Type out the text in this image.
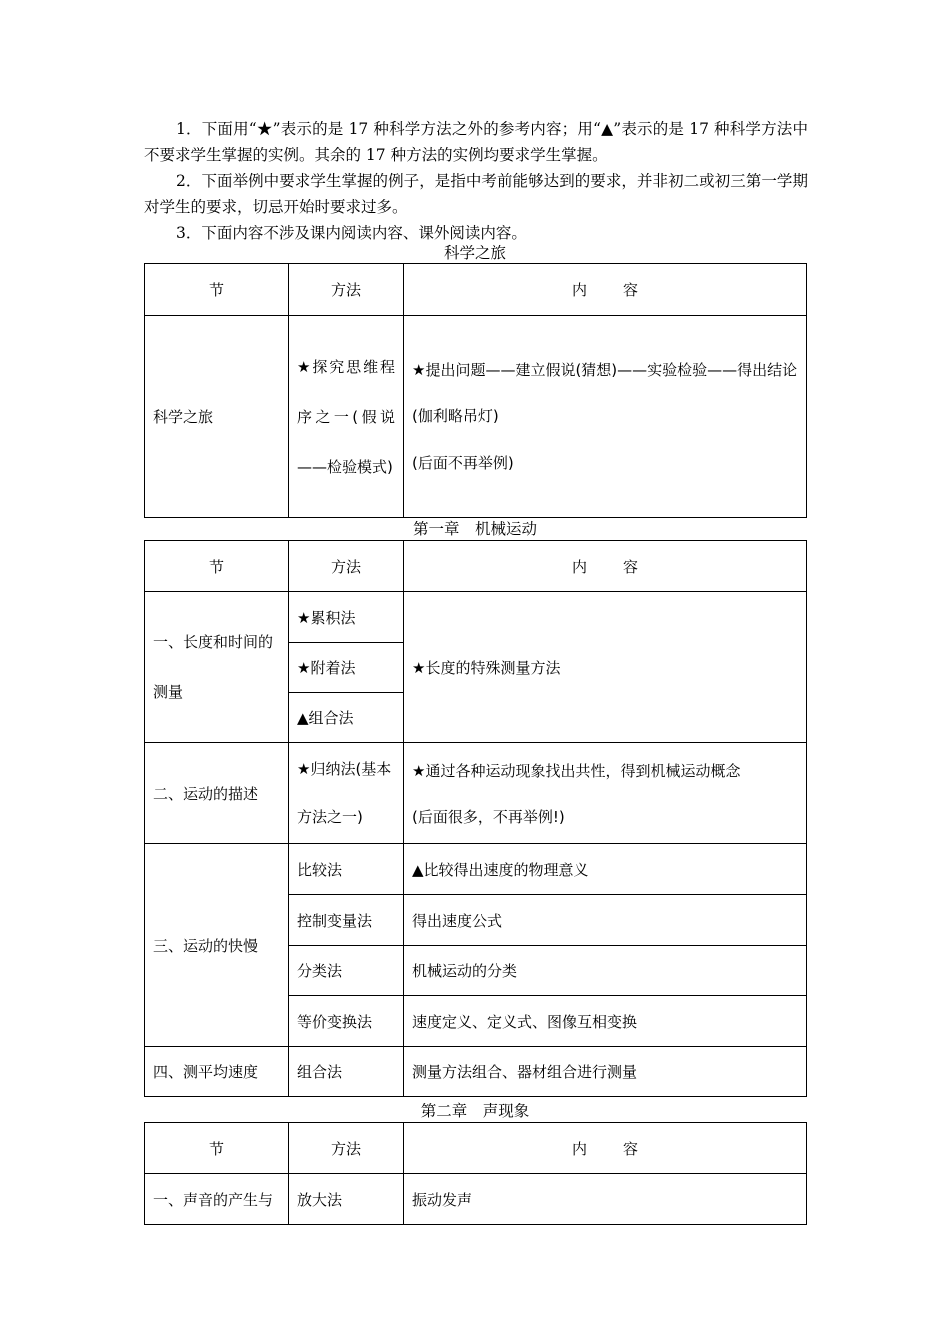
1．下面用“★”表示的是 17 种科学方法之外的参考内容；用“▲”表示的是 17 种科学方法中不要求学生掌握的实例。其余的 17 种方法的实例均要求学生掌握。

2．下面举例中要求学生掌握的例子，是指中考前能够达到的要求，并非初二或初三第一学期对学生的要求，切忌开始时要求过多。

3．下面内容不涉及课内阅读内容、课外阅读内容。

科学之旅
节	方法	内 容
科学之旅	★探究思维程序之一(假说——检验模式)	★提出问题——建立假说(猜想)——实验检验——得出结论(伽利略吊灯)
(后面不再举例)
第一章　机械运动
节	方法	内 容
一、长度和时间的测量	★累积法	★长度的特殊测量方法
	★附着法	
	▲组合法	
二、运动的描述	★归纳法(基本方法之一)	★通过各种运动现象找出共性，得到机械运动概念
(后面很多，不再举例!)

三、运动的快慢	比较法	▲比较得出速度的物理意义
	控制变量法	得出速度公式
	分类法	机械运动的分类
	等价变换法	速度定义、定义式、图像互相变换
四、测平均速度	组合法	测量方法组合、器材组合进行测量
第二章　声现象
节	方法	内 容
一、声音的产生与	放大法	振动发声
